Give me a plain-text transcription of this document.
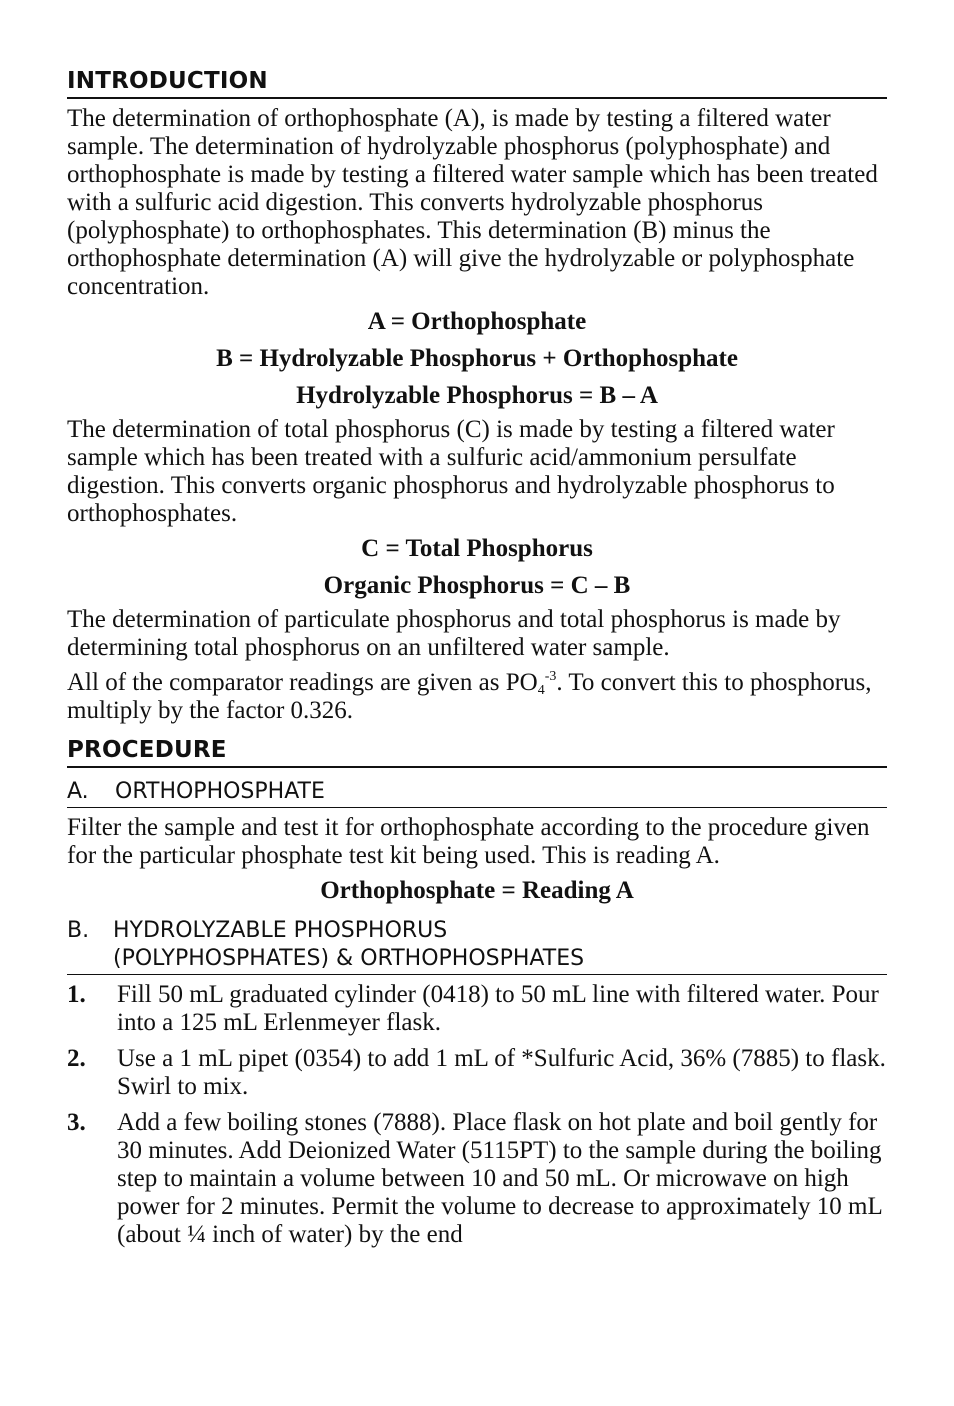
INTRODUCTION
The determination of orthophosphate (A), is made by testing a filtered water sample. The determination of hydrolyzable phosphorus (polyphosphate) and orthophosphate is made by testing a filtered water sample which has been treated with a sulfuric acid digestion. This converts hydrolyzable phosphorus (polyphosphate) to orthophosphates. This determination (B) minus the orthophosphate determination (A) will give the hydrolyzable or polyphosphate concentration.
A = Orthophosphate
B = Hydrolyzable Phosphorus + Orthophosphate
Hydrolyzable Phosphorus = B – A
The determination of total phosphorus (C) is made by testing a filtered water sample which has been treated with a sulfuric acid/ammonium persulfate digestion. This converts organic phosphorus and hydrolyzable phosphorus to orthophosphates.
C = Total Phosphorus
Organic Phosphorus = C – B
The determination of particulate phosphorus and total phosphorus is made by determining total phosphorus on an unfiltered water sample.
All of the comparator readings are given as $PO_4^{-3}$. To convert this to phosphorus, multiply by the factor 0.326.
PROCEDURE
A. ORTHOPHOSPHATE
Filter the sample and test it for orthophosphate according to the procedure given for the particular phosphate test kit being used. This is reading A.
Orthophosphate = Reading A
B.	HYDROLYZABLE PHOSPHORUS
(POLYPHOSPHATES) & ORTHOPHOSPHATES
1.	Fill 50 mL graduated cylinder (0418) to 50 mL line with filtered water. Pour into a 125 mL Erlenmeyer flask.
2.	Use a 1 mL pipet (0354) to add 1 mL of *Sulfuric Acid, 36% (7885) to flask. Swirl to mix.
3.	Add a few boiling stones (7888). Place flask on hot plate and boil gently for 30 minutes. Add Deionized Water (5115PT) to the sample during the boiling step to maintain a volume between 10 and 50 mL. Or microwave on high power for 2 minutes. Permit the volume to decrease to approximately 10 mL (about ¼ inch of water) by the end
